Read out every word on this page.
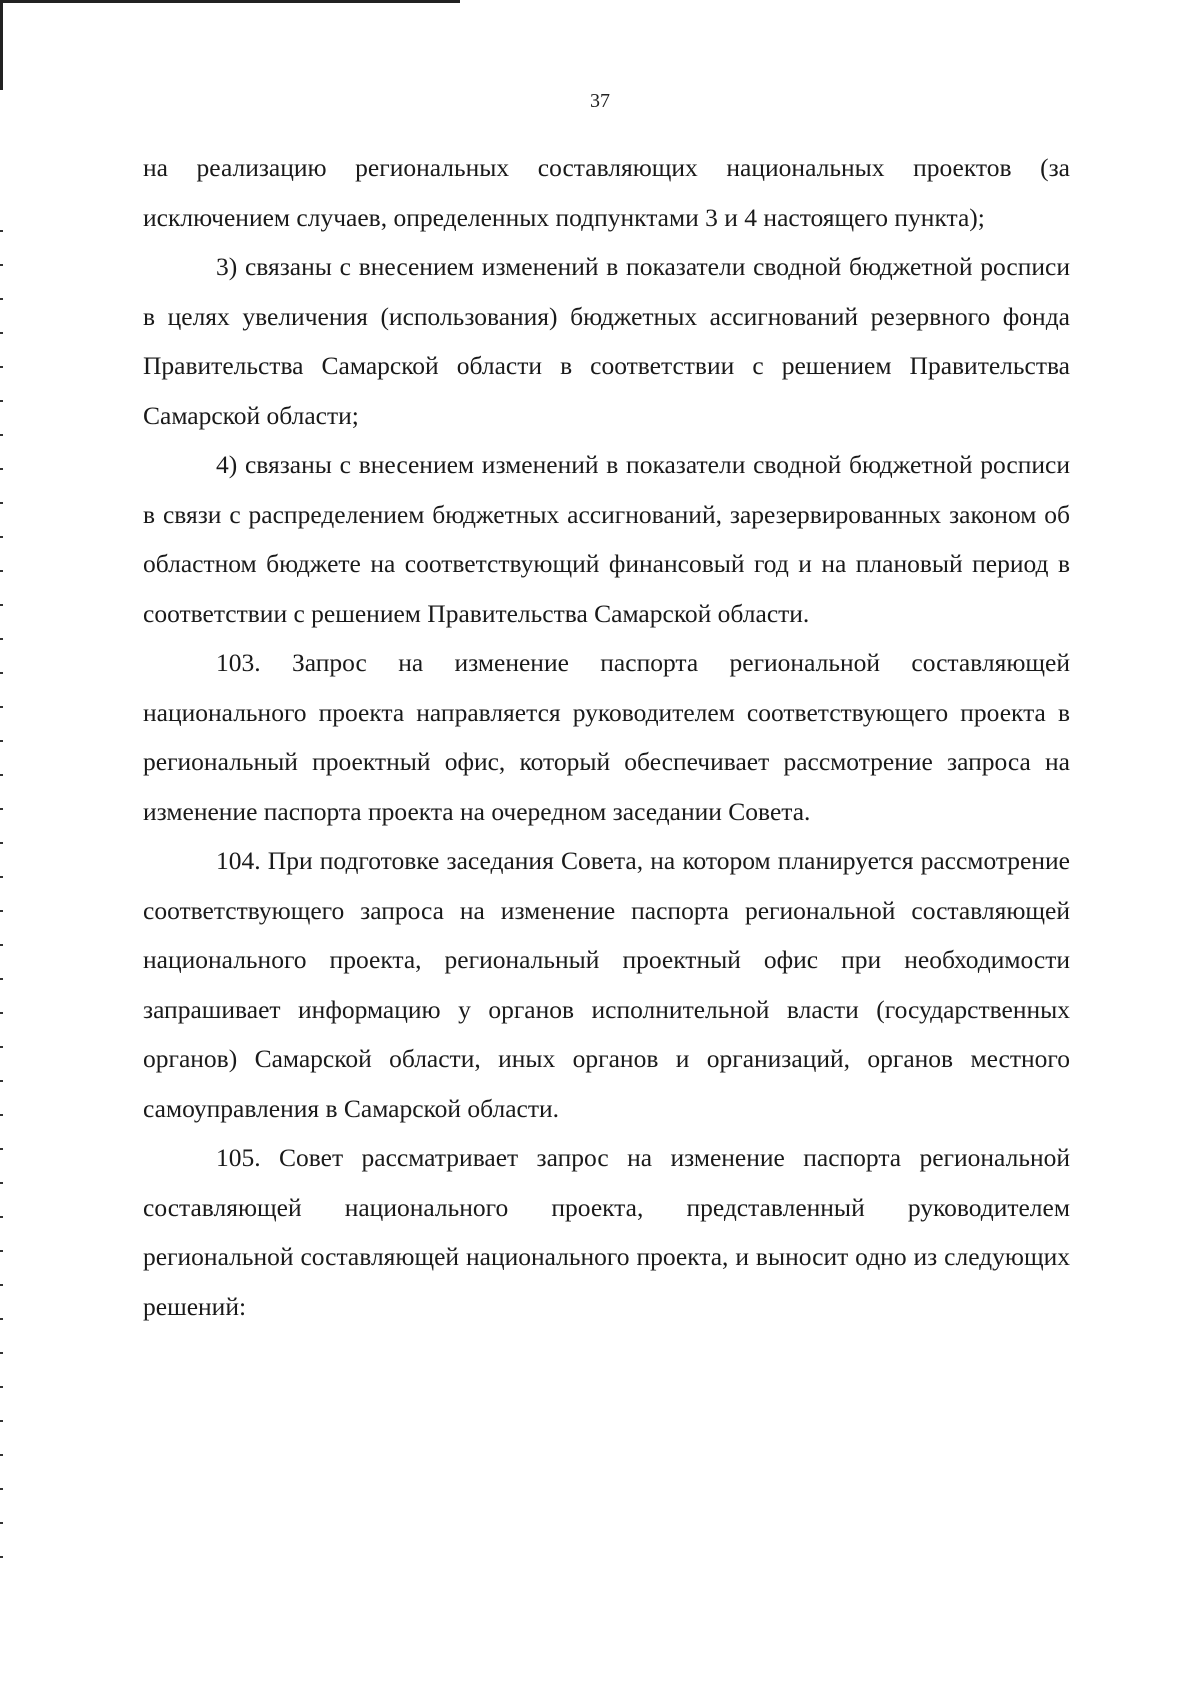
37

на реализацию региональных составляющих национальных проектов (за исключением случаев, определенных подпунктами 3 и 4 настоящего пункта);

3) связаны с внесением изменений в показатели сводной бюджетной росписи в целях увеличения (использования) бюджетных ассигнований резервного фонда Правительства Самарской области в соответствии с решением Правительства Самарской области;

4) связаны с внесением изменений в показатели сводной бюджетной росписи в связи с распределением бюджетных ассигнований, зарезервированных законом об областном бюджете на соответствующий финансовый год и на плановый период в соответствии с решением Правительства Самарской области.

103. Запрос на изменение паспорта региональной составляющей национального проекта направляется руководителем соответствующего проекта в региональный проектный офис, который обеспечивает рассмотрение запроса на изменение паспорта проекта на очередном заседании Совета.

104. При подготовке заседания Совета, на котором планируется рассмотрение соответствующего запроса на изменение паспорта региональной составляющей национального проекта, региональный проектный офис при необходимости запрашивает информацию у органов исполнительной власти (государственных органов) Самарской области, иных органов и организаций, органов местного самоуправления в Самарской области.

105. Совет рассматривает запрос на изменение паспорта региональной составляющей национального проекта, представленный руководителем региональной составляющей национального проекта, и выносит одно из следующих решений:
